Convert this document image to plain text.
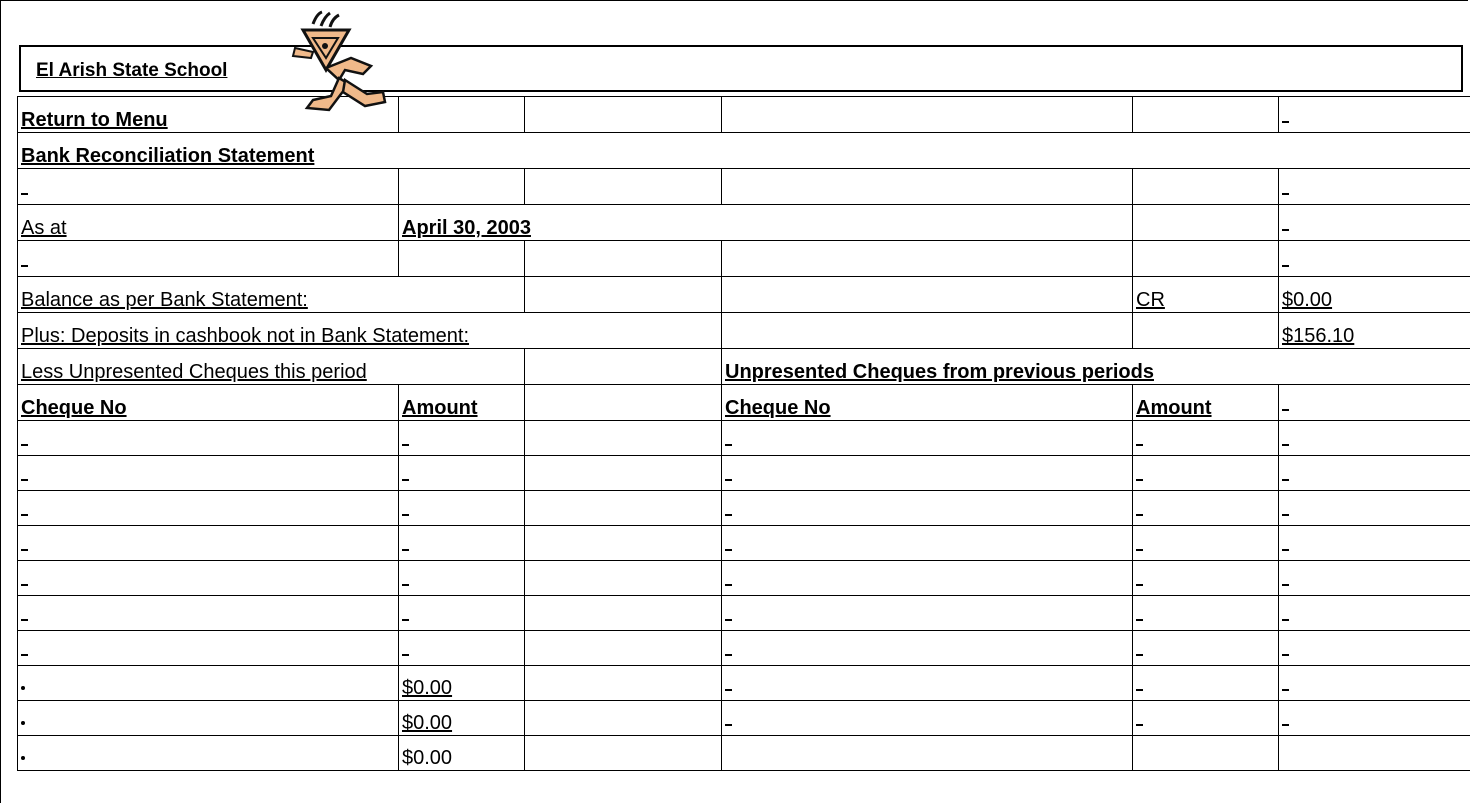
El Arish State School
Return to Menu					
Bank Reconciliation Statement					

As at	April 30, 2003				

Balance as per Bank Statement:				CR	$0.00
Plus: Deposits in cashbook not in Bank Statement:					$156.10
Less Unpresented Cheques this period			Unpresented Cheques from previous periods		
Cheque No	Amount		Cheque No	Amount	

	$0.00				
	$0.00				
	$0.00				
